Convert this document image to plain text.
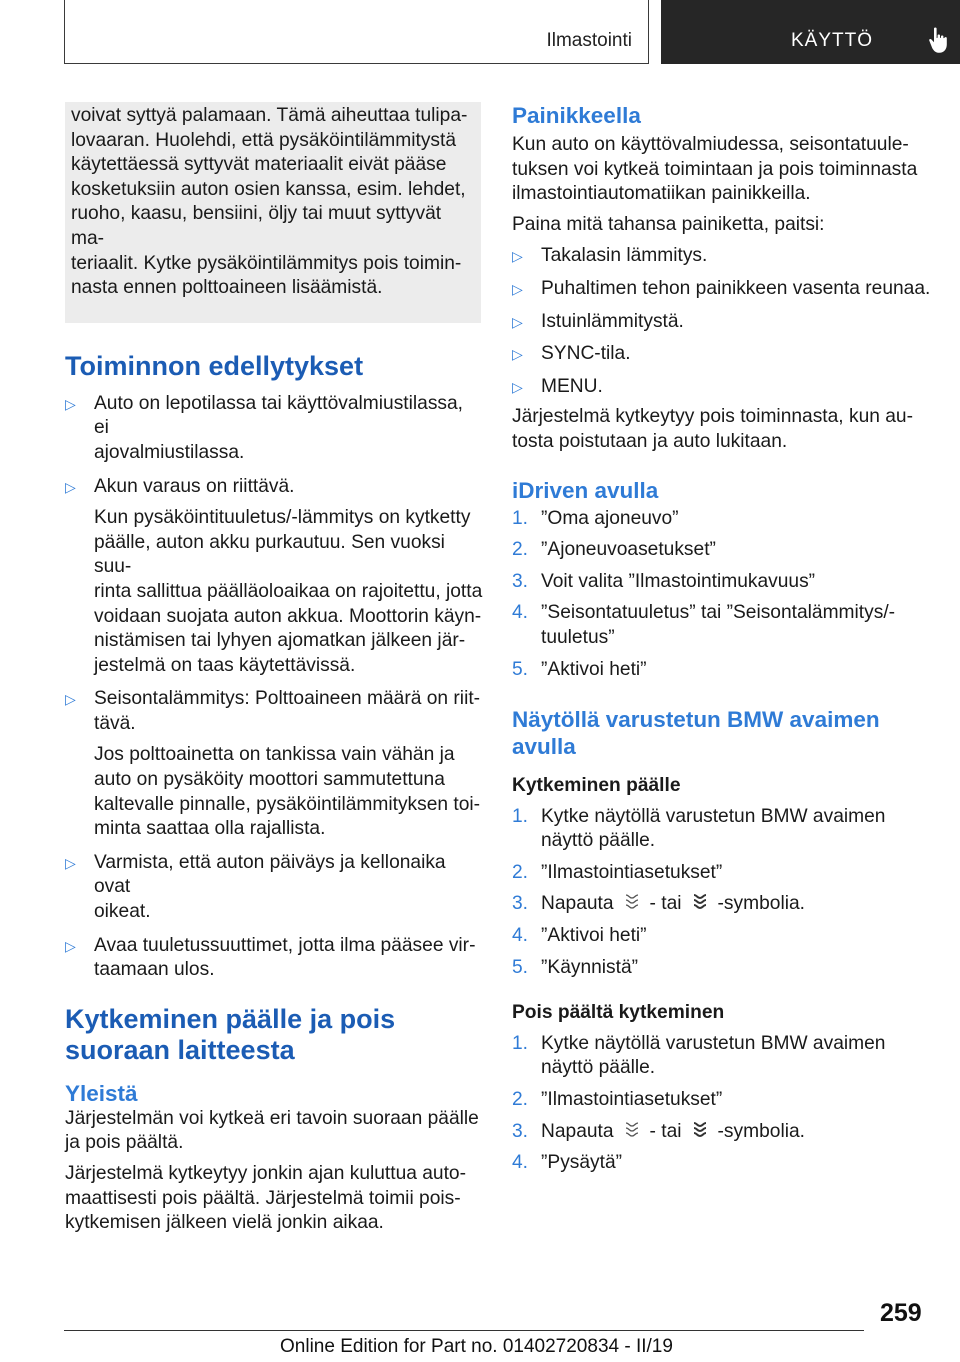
Ilmastointi	KÄYTTÖ

voivat syttyä palamaan. Tämä aiheuttaa tulipa-
lovaaran. Huolehdi, että pysäköintilämmitystä
käytettäessä syttyvät materiaalit eivät pääse
kosketuksiin auton osien kanssa, esim. lehdet,
ruoho, kaasu, bensiini, öljy tai muut syttyvät ma-
teriaalit. Kytke pysäköintilämmitys pois toimin-
nasta ennen polttoaineen lisäämistä.

Toiminnon edellytykset
▷ Auto on lepotilassa tai käyttövalmiustilassa, ei
ajovalmiustilassa.
▷ Akun varaus on riittävä.

Kun pysäköintituuletus/-lämmitys on kytketty
päälle, auton akku purkautuu. Sen vuoksi suu-
rinta sallittua päälläoloaikaa on rajoitettu, jotta
voidaan suojata auton akkua. Moottorin käyn-
nistämisen tai lyhyen ajomatkan jälkeen jär-
jestelmä on taas käytettävissä.
▷ Seisontalämmitys: Polttoaineen määrä on riit-
tävä.

Jos polttoainetta on tankissa vain vähän ja
auto on pysäköity moottori sammutettuna
kaltevalle pinnalle, pysäköintilämmityksen toi-
minta saattaa olla rajallista.
▷ Varmista, että auton päiväys ja kellonaika ovat
oikeat.
▷ Avaa tuuletussuuttimet, jotta ilma pääsee vir-
taamaan ulos.
Kytkeminen päälle ja pois
suoraan laitteesta
Yleistä

Järjestelmän voi kytkeä eri tavoin suoraan päälle
ja pois päältä.

Järjestelmä kytkeytyy jonkin ajan kuluttua auto-
maattisesti pois päältä. Järjestelmä toimii pois-
kytkemisen jälkeen vielä jonkin aikaa.

Painikkeella

Kun auto on käyttövalmiudessa, seisontatuule-
tuksen voi kytkeä toimintaan ja pois toiminnasta
ilmastointiautomatiikan painikkeilla.

Paina mitä tahansa painiketta, paitsi:

▷ Takalasin lämmitys.
▷ Puhaltimen tehon painikkeen vasenta reunaa.
▷ Istuinlämmitystä.
▷ SYNC-tila.
▷ MENU.

Järjestelmä kytkeytyy pois toiminnasta, kun au-
tosta poistutaan ja auto lukitaan.

iDriven avulla
1. ”Oma ajoneuvo”
2. ”Ajoneuvoasetukset”
3. Voit valita ”Ilmastointimukavuus”
4. ”Seisontatuuletus” tai ”Seisontalämmitys/-
tuuletus”
5. ”Aktivoi heti”
Näytöllä varustetun BMW avaimen
avulla
Kytkeminen päälle
1. Kytke näytöllä varustetun BMW avaimen
näyttö päälle.
2. ”Ilmastointiasetukset”
3. Napauta - tai -symbolia.
4. ”Aktivoi heti”
5. ”Käynnistä”
Pois päältä kytkeminen
1. Kytke näytöllä varustetun BMW avaimen
näyttö päälle.
2. ”Ilmastointiasetukset”
3. Napauta - tai -symbolia.
4. ”Pysäytä”
259
Online Edition for Part no. 01402720834 - II/19
